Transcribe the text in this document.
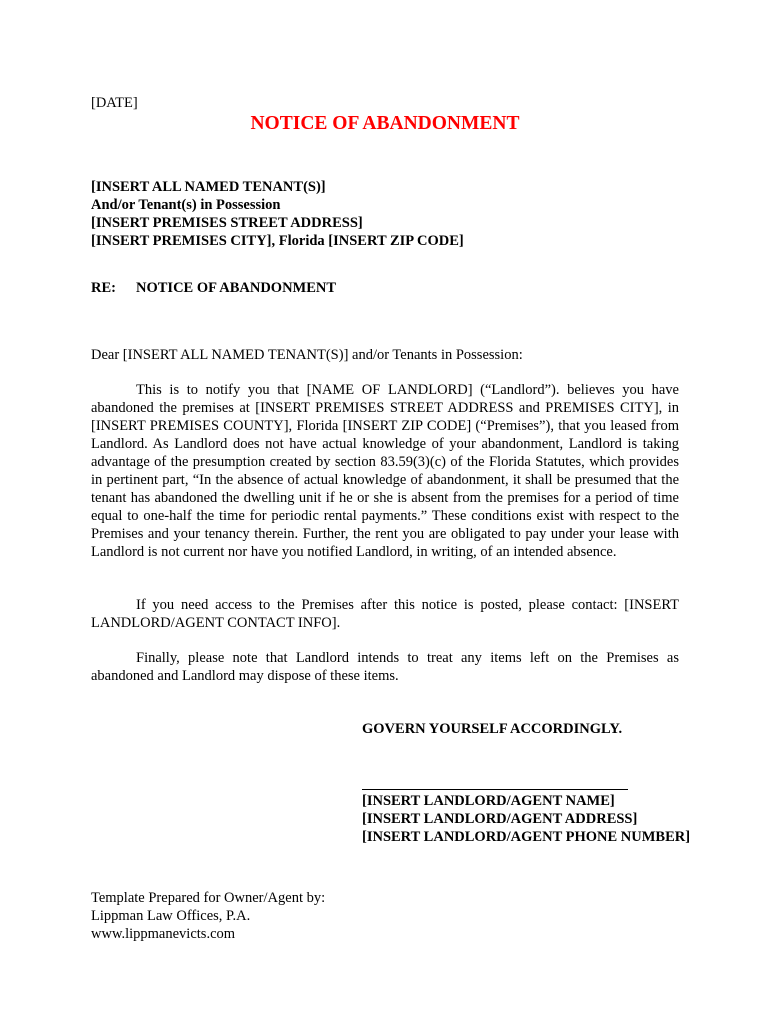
[DATE]
NOTICE OF ABANDONMENT
[INSERT ALL NAMED TENANT(S)]
And/or Tenant(s) in Possession
[INSERT PREMISES STREET ADDRESS]
[INSERT PREMISES CITY], Florida [INSERT ZIP CODE]
RE: NOTICE OF ABANDONMENT
Dear [INSERT ALL NAMED TENANT(S)] and/or Tenants in Possession:

This is to notify you that [NAME OF LANDLORD] (“Landlord”). believes you have abandoned the premises at [INSERT PREMISES STREET ADDRESS and PREMISES CITY], in [INSERT PREMISES COUNTY], Florida [INSERT ZIP CODE] (“Premises”), that you leased from Landlord. As Landlord does not have actual knowledge of your abandonment, Landlord is taking advantage of the presumption created by section 83.59(3)(c) of the Florida Statutes, which provides in pertinent part, “In the absence of actual knowledge of abandonment, it shall be presumed that the tenant has abandoned the dwelling unit if he or she is absent from the premises for a period of time equal to one-half the time for periodic rental payments.” These conditions exist with respect to the Premises and your tenancy therein. Further, the rent you are obligated to pay under your lease with Landlord is not current nor have you notified Landlord, in writing, of an intended absence.

If you need access to the Premises after this notice is posted, please contact: [INSERT LANDLORD/AGENT CONTACT INFO].

Finally, please note that Landlord intends to treat any items left on the Premises as abandoned and Landlord may dispose of these items.

GOVERN YOURSELF ACCORDINGLY.
[INSERT LANDLORD/AGENT NAME]
[INSERT LANDLORD/AGENT ADDRESS]
[INSERT LANDLORD/AGENT PHONE NUMBER]
Template Prepared for Owner/Agent by:
Lippman Law Offices, P.A.
www.lippmanevicts.com
